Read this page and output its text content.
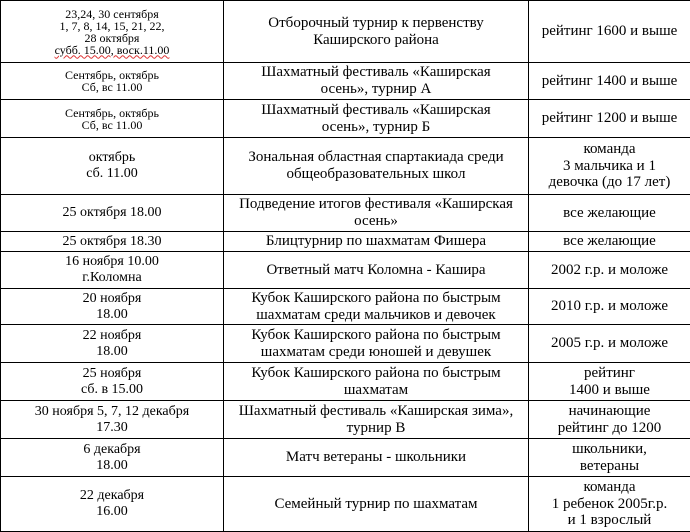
23,24, 30 сентября
1, 7, 8, 14, 15, 21, 22,
28 октября
субб. 15.00, воск.11.00	Отборочный турнир к первенству
Каширского района	рейтинг 1600 и выше

Сентябрь, октябрь
Сб, вс 11.00	Шахматный фестиваль «Каширская
осень», турнир А	рейтинг 1400 и выше

Сентябрь, октябрь
Сб, вс 11.00	Шахматный фестиваль «Каширская
осень», турнир Б	рейтинг 1200 и выше

октябрь
сб. 11.00	Зональная областная спартакиада среди
общеобразовательных школ	команда
3 мальчика и 1
девочка (до 17 лет)

25 октября 18.00	Подведение итогов фестиваля «Каширская
осень»	все желающие

25 октября 18.30	Блицтурнир по шахматам Фишера	все желающие

16 ноября 10.00
г.Коломна	Ответный матч Коломна - Кашира	2002 г.р. и моложе

20 ноября
18.00	Кубок Каширского района по быстрым
шахматам среди мальчиков и девочек	2010 г.р. и моложе

22 ноября
18.00	Кубок Каширского района по быстрым
шахматам среди юношей и девушек	2005 г.р. и моложе

25 ноября
сб. в 15.00	Кубок Каширского района по быстрым
шахматам	рейтинг
1400 и выше

30 ноября 5, 7, 12 декабря
17.30	Шахматный фестиваль «Каширская зима»,
турнир В	начинающие
рейтинг до 1200

6 декабря
18.00	Матч ветераны - школьники	школьники,
ветераны

22 декабря
16.00	Семейный турнир по шахматам	команда
1 ребенок 2005г.р.
и 1 взрослый
